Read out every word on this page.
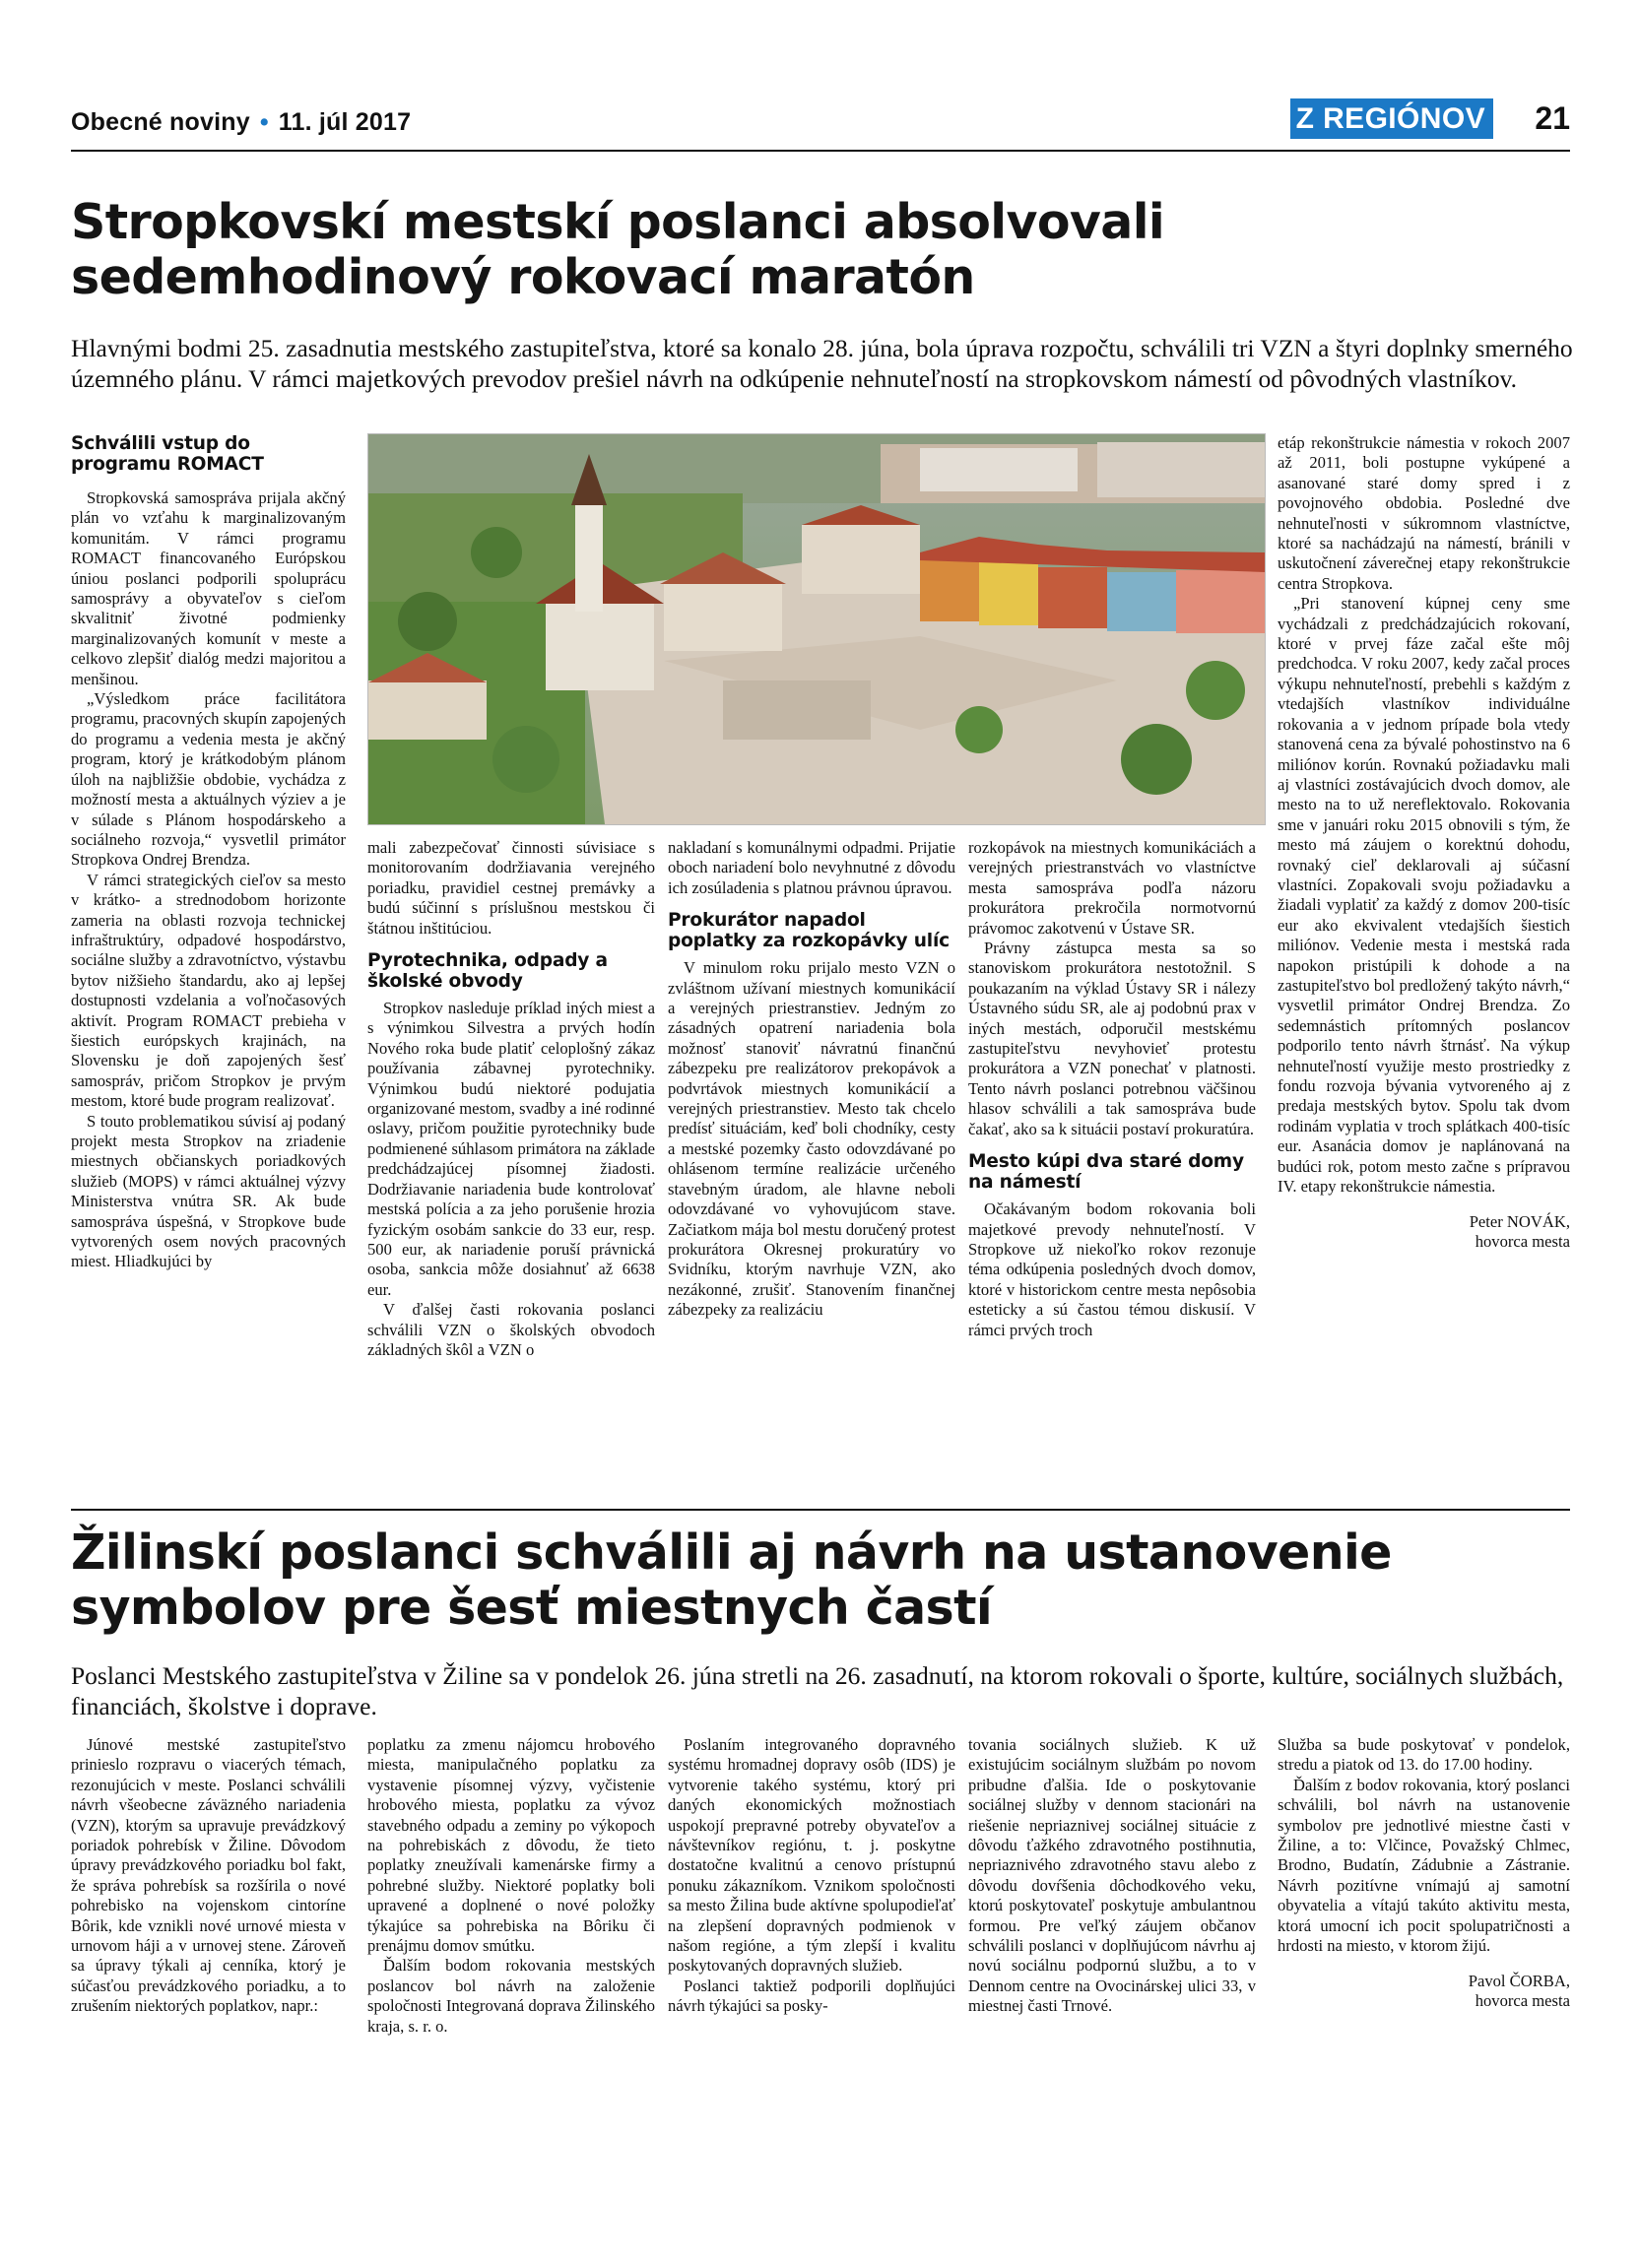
Obecné noviny • 11. júl 2017	Z REGIÓNOV 21
Stropkovskí mestskí poslanci absolvovali
sedemhodinový rokovací maratón
Hlavnými bodmi 25. zasadnutia mestského zastupiteľstva, ktoré sa konalo 28. júna, bola úprava rozpočtu, schválili tri VZN a štyri doplnky smerného územného plánu. V rámci majetkových prevodov prešiel návrh na odkúpenie nehnuteľností na stropkovskom námestí od pôvodných vlastníkov.
Schválili vstup do programu ROMACT

Stropkovská samospráva prijala akčný plán vo vzťahu k marginalizovaným komunitám. V rámci programu ROMACT financovaného Európskou úniou poslanci podporili spoluprácu samosprávy a obyvateľov s cieľom skvalitniť životné podmienky marginalizovaných komunít v meste a celkovo zlepšiť dialóg medzi majoritou a menšinou.

„Výsledkom práce facilitátora programu, pracovných skupín zapojených do programu a vedenia mesta je akčný program, ktorý je krátkodobým plánom úloh na najbližšie obdobie, vychádza z možností mesta a aktuálnych výziev a je v súlade s Plánom hospodárskeho a sociálneho rozvoja,“ vysvetlil primátor Stropkova Ondrej Brendza.

V rámci strategických cieľov sa mesto v krátko- a strednodobom horizonte zameria na oblasti rozvoja technickej infraštruktúry, odpadové hospodárstvo, sociálne služby a zdravotníctvo, výstavbu bytov nižšieho štandardu, ako aj lepšej dostupnosti vzdelania a voľnočasových aktivít. Program ROMACT prebieha v šiestich európskych krajinách, na Slovensku je doň zapojených šesť samospráv, pričom Stropkov je prvým mestom, ktoré bude program realizovať.

S touto problematikou súvisí aj podaný projekt mesta Stropkov na zriadenie miestnych občianskych poriadkových služieb (MOPS) v rámci aktuálnej výzvy Ministerstva vnútra SR. Ak bude samospráva úspešná, v Stropkove bude vytvorených osem nových pracovných miest. Hliadkujúci by

mali zabezpečovať činnosti súvisiace s monitorovaním dodržiavania verejného poriadku, pravidiel cestnej premávky a budú súčinní s príslušnou mestskou či štátnou inštitúciou.

Pyrotechnika, odpady a školské obvody

Stropkov nasleduje príklad iných miest a s výnimkou Silvestra a prvých hodín Nového roka bude platiť celoplošný zákaz používania zábavnej pyrotechniky. Výnimkou budú niektoré podujatia organizované mestom, svadby a iné rodinné oslavy, pričom použitie pyrotechniky bude podmienené súhlasom primátora na základe predchádzajúcej písomnej žiadosti. Dodržiavanie nariadenia bude kontrolovať mestská polícia a za jeho porušenie hrozia fyzickým osobám sankcie do 33 eur, resp. 500 eur, ak nariadenie poruší právnická osoba, sankcia môže dosiahnuť až 6638 eur.

V ďalšej časti rokovania poslanci schválili VZN o školských obvodoch základných škôl a VZN o

nakladaní s komunálnymi odpadmi. Prijatie oboch nariadení bolo nevyhnutné z dôvodu ich zosúladenia s platnou právnou úpravou.

Prokurátor napadol poplatky za rozkopávky ulíc

V minulom roku prijalo mesto VZN o zvláštnom užívaní miestnych komunikácií a verejných priestranstiev. Jedným zo zásadných opatrení nariadenia bola možnosť stanoviť návratnú finančnú zábezpeku pre realizátorov prekopávok a podvrtávok miestnych komunikácií a verejných priestranstiev. Mesto tak chcelo predísť situáciám, keď boli chodníky, cesty a mestské pozemky často odovzdávané po ohlásenom termíne realizácie určeného stavebným úradom, ale hlavne neboli odovzdávané vo vyhovujúcom stave. Začiatkom mája bol mestu doručený protest prokurátora Okresnej prokuratúry vo Svidníku, ktorým navrhuje VZN, ako nezákonné, zrušiť. Stanovením finančnej zábezpeky za realizáciu

rozkopávok na miestnych komunikáciách a verejných priestranstvách vo vlastníctve mesta samospráva podľa názoru prokurátora prekročila normotvornú právomoc zakotvenú v Ústave SR.

Právny zástupca mesta sa so stanoviskom prokurátora nestotožnil. S poukazaním na výklad Ústavy SR i nálezy Ústavného súdu SR, ale aj podobnú prax v iných mestách, odporučil mestskému zastupiteľstvu nevyhovieť protestu prokurátora a VZN ponechať v platnosti. Tento návrh poslanci potrebnou väčšinou hlasov schválili a tak samospráva bude čakať, ako sa k situácii postaví prokuratúra.

Mesto kúpi dva staré domy na námestí

Očakávaným bodom rokovania boli majetkové prevody nehnuteľností. V Stropkove už niekoľko rokov rezonuje téma odkúpenia posledných dvoch domov, ktoré v historickom centre mesta nepôsobia esteticky a sú častou témou diskusií. V rámci prvých troch

etáp rekonštrukcie námestia v rokoch 2007 až 2011, boli postupne vykúpené a asanované staré domy spred i z povojnového obdobia. Posledné dve nehnuteľnosti v súkromnom vlastníctve, ktoré sa nachádzajú na námestí, bránili v uskutočnení záverečnej etapy rekonštrukcie centra Stropkova.

„Pri stanovení kúpnej ceny sme vychádzali z predchádzajúcich rokovaní, ktoré v prvej fáze začal ešte môj predchodca. V roku 2007, kedy začal proces výkupu nehnuteľností, prebehli s každým z vtedajších vlastníkov individuálne rokovania a v jednom prípade bola vtedy stanovená cena za bývalé pohostinstvo na 6 miliónov korún. Rovnakú požiadavku mali aj vlastníci zostávajúcich dvoch domov, ale mesto na to už nereflektovalo. Rokovania sme v januári roku 2015 obnovili s tým, že mesto má záujem o korektnú dohodu, rovnaký cieľ deklarovali aj súčasní vlastníci. Zopakovali svoju požiadavku a žiadali vyplatiť za každý z domov 200-tisíc eur ako ekvivalent vtedajších šiestich miliónov. Vedenie mesta i mestská rada napokon pristúpili k dohode a na zastupiteľstvo bol predložený takýto návrh,“ vysvetlil primátor Ondrej Brendza. Zo sedemnástich prítomných poslancov podporilo tento návrh štrnásť. Na výkup nehnuteľností využije mesto prostriedky z fondu rozvoja bývania vytvoreného aj z predaja mestských bytov. Spolu tak dvom rodinám vyplatia v troch splátkach 400-tisíc eur. Asanácia domov je naplánovaná na budúci rok, potom mesto začne s prípravou IV. etapy rekonštrukcie námestia.

Peter NOVÁK,
hovorca mesta
Žilinskí poslanci schválili aj návrh na ustanovenie
symbolov pre šesť miestnych častí
Poslanci Mestského zastupiteľstva v Žiline sa v pondelok 26. júna stretli na 26. zasadnutí, na ktorom rokovali o športe, kultúre, sociálnych službách, financiách, školstve i doprave.

Júnové mestské zastupiteľstvo prinieslo rozpravu o viacerých témach, rezonujúcich v meste. Poslanci schválili návrh všeobecne záväzného nariadenia (VZN), ktorým sa upravuje prevádzkový poriadok pohrebísk v Žiline. Dôvodom úpravy prevádzkového poriadku bol fakt, že správa pohrebísk sa rozšírila o nové pohrebisko na vojenskom cintoríne Bôrik, kde vznikli nové urnové miesta v urnovom háji a v urnovej stene. Zároveň sa úpravy týkali aj cenníka, ktorý je súčasťou prevádzkového poriadku, a to zrušením niektorých poplatkov, napr.:

poplatku za zmenu nájomcu hrobového miesta, manipulačného poplatku za vystavenie písomnej výzvy, vyčistenie hrobového miesta, poplatku za vývoz stavebného odpadu a zeminy po výkopoch na pohrebiskách z dôvodu, že tieto poplatky zneužívali kamenárske firmy a pohrebné služby. Niektoré poplatky boli upravené a doplnené o nové položky týkajúce sa pohrebiska na Bôriku či prenájmu domov smútku.

Ďalším bodom rokovania mestských poslancov bol návrh na založenie spoločnosti Integrovaná doprava Žilinského kraja, s. r. o.

Poslaním integrovaného dopravného systému hromadnej dopravy osôb (IDS) je vytvorenie takého systému, ktorý pri daných ekonomických možnostiach uspokojí prepravné potreby obyvateľov a návštevníkov regiónu, t. j. poskytne dostatočne kvalitnú a cenovo prístupnú ponuku zákazníkom. Vznikom spoločnosti sa mesto Žilina bude aktívne spolupodieľať na zlepšení dopravných podmienok v našom regióne, a tým zlepší i kvalitu poskytovaných dopravných služieb.

Poslanci taktiež podporili doplňujúci návrh týkajúci sa posky-

tovania sociálnych služieb. K už existujúcim sociálnym službám po novom pribudne ďalšia. Ide o poskytovanie sociálnej služby v dennom stacionári na riešenie nepriaznivej sociálnej situácie z dôvodu ťažkého zdravotného postihnutia, nepriaznivého zdravotného stavu alebo z dôvodu dovŕšenia dôchodkového veku, ktorú poskytovateľ poskytuje ambulantnou formou. Pre veľký záujem občanov schválili poslanci v doplňujúcom návrhu aj novú sociálnu podpornú službu, a to v Dennom centre na Ovocinárskej ulici 33, v miestnej časti Trnové.

Služba sa bude poskytovať v pondelok, stredu a piatok od 13. do 17.00 hodiny.

Ďalším z bodov rokovania, ktorý poslanci schválili, bol návrh na ustanovenie symbolov pre jednotlivé miestne časti v Žiline, a to: Vlčince, Považský Chlmec, Brodno, Budatín, Zádubnie a Zástranie. Návrh pozitívne vnímajú aj samotní obyvatelia a vítajú takúto aktivitu mesta, ktorá umocní ich pocit spolupatričnosti a hrdosti na miesto, v ktorom žijú.

Pavol ČORBA,
hovorca mesta
